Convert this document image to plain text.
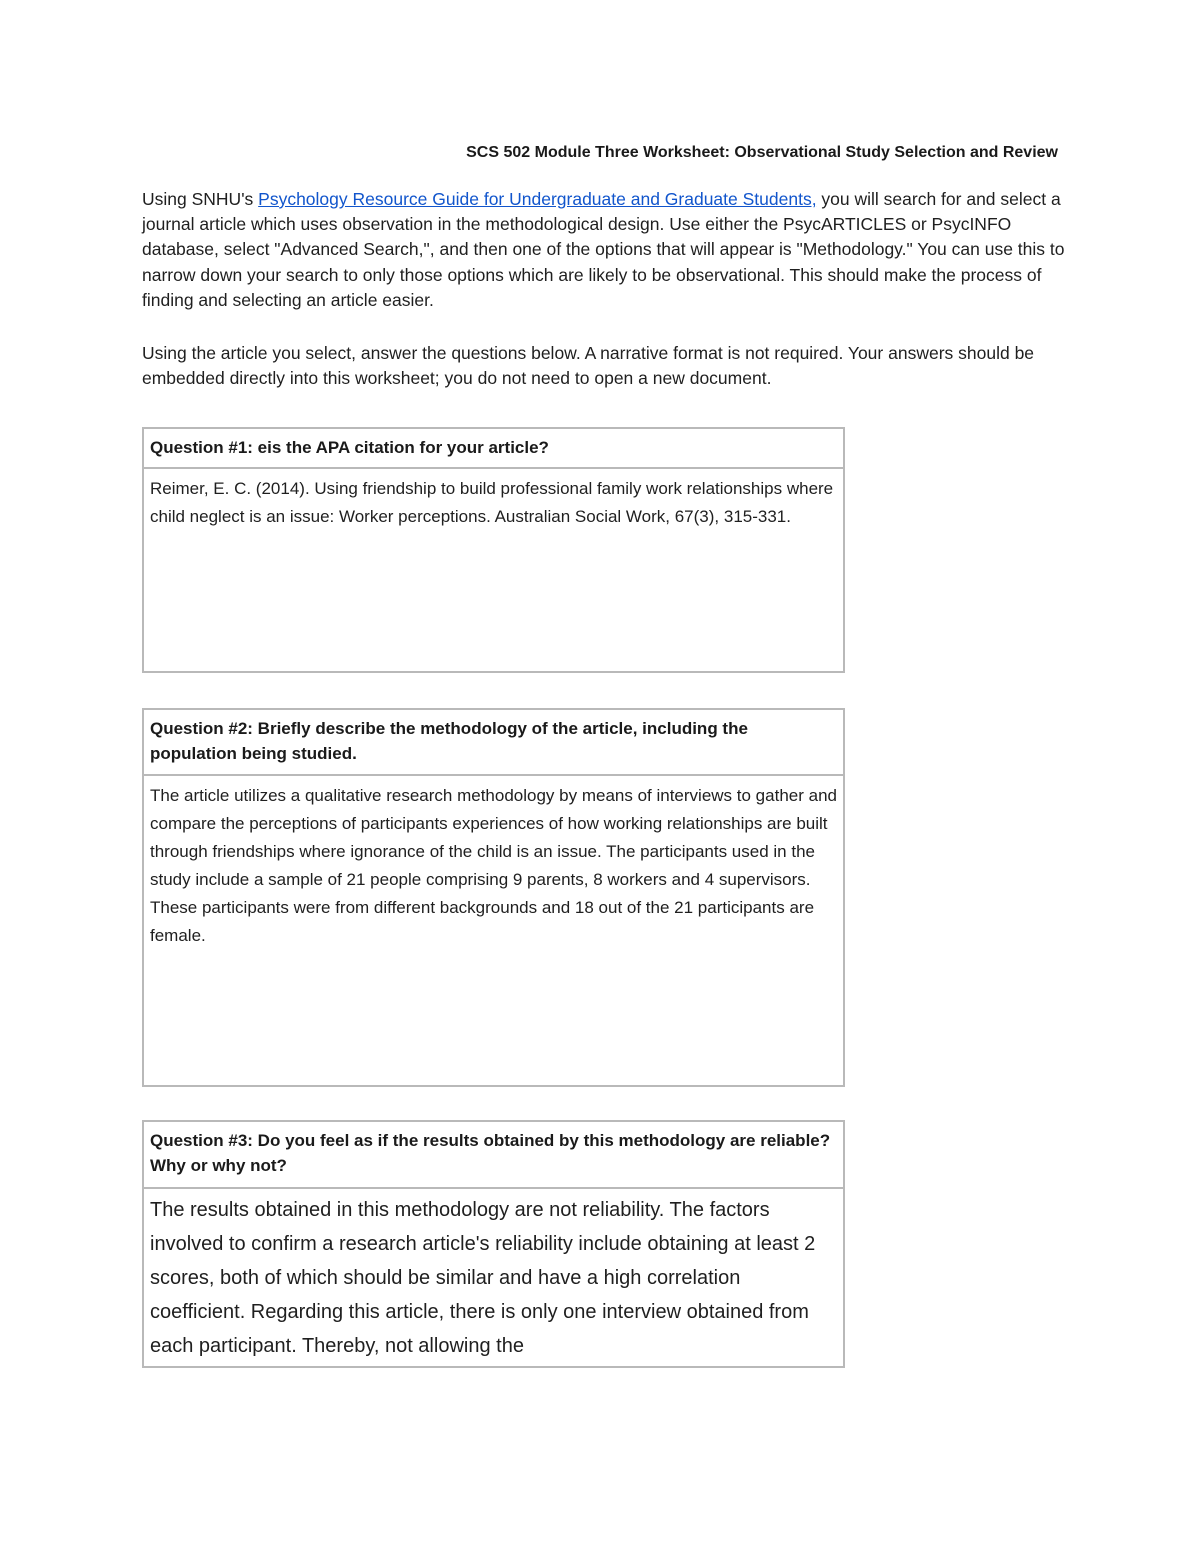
SCS 502 Module Three Worksheet: Observational Study Selection and Review

Using SNHU's Psychology Resource Guide for Undergraduate and Graduate Students, you will search for and select a journal article which uses observation in the methodological design. Use either the PsycARTICLES or PsycINFO database, select "Advanced Search,", and then one of the options that will appear is "Methodology." You can use this to narrow down your search to only those options which are likely to be observational. This should make the process of finding and selecting an article easier.

Using the article you select, answer the questions below. A narrative format is not required. Your answers should be embedded directly into this worksheet; you do not need to open a new document.

Question #1: eis the APA citation for your article?
Reimer, E. C. (2014). Using friendship to build professional family work relationships where child neglect is an issue: Worker perceptions. Australian Social Work, 67(3), 315-331.
Question #2: Briefly describe the methodology of the article, including the population being studied.
The article utilizes a qualitative research methodology by means of interviews to gather and compare the perceptions of participants experiences of how working relationships are built through friendships where ignorance of the child is an issue. The participants used in the study include a sample of 21 people comprising 9 parents, 8 workers and 4 supervisors. These participants were from different backgrounds and 18 out of the 21 participants are female.
Question #3: Do you feel as if the results obtained by this methodology are reliable? Why or why not?
The results obtained in this methodology are not reliability. The factors involved to confirm a research article's reliability include obtaining at least 2 scores, both of which should be similar and have a high correlation coefficient. Regarding this article, there is only one interview obtained from each participant. Thereby, not allowing the
